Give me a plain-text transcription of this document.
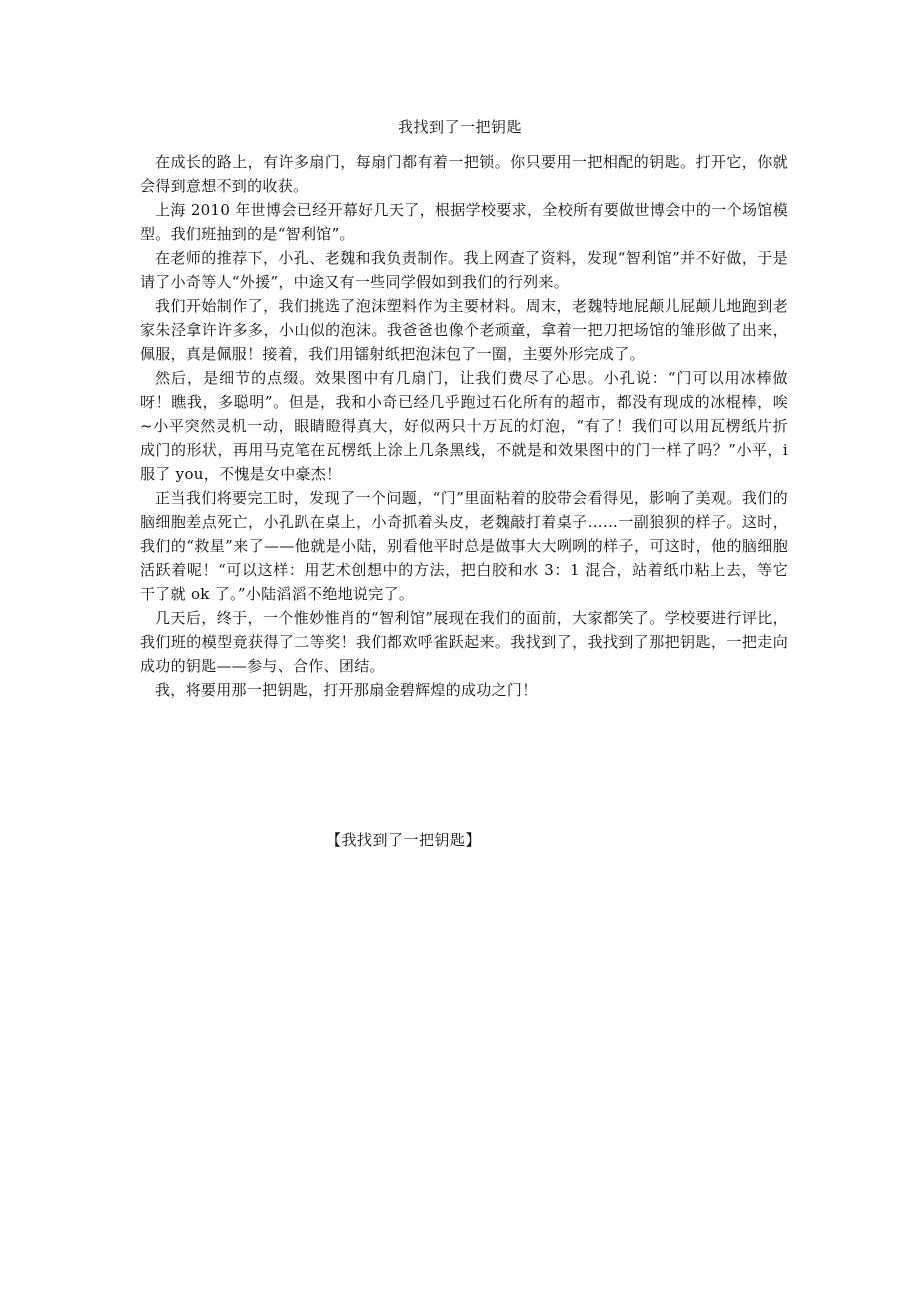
我找到了一把钥匙

在成长的路上，有许多扇门，每扇门都有着一把锁。你只要用一把相配的钥匙。打开它，你就会得到意想不到的收获。

上海 2010 年世博会已经开幕好几天了，根据学校要求，全校所有要做世博会中的一个场馆模型。我们班抽到的是“智利馆”。

在老师的推荐下，小孔、老魏和我负责制作。我上网查了资料，发现“智利馆”并不好做，于是请了小奇等人“外援”，中途又有一些同学假如到我们的行列来。

我们开始制作了，我们挑选了泡沫塑料作为主要材料。周末，老魏特地屁颠儿屁颠儿地跑到老家朱泾拿许许多多，小山似的泡沫。我爸爸也像个老顽童，拿着一把刀把场馆的雏形做了出来，佩服，真是佩服！接着，我们用镭射纸把泡沫包了一圈，主要外形完成了。

然后，是细节的点缀。效果图中有几扇门，让我们费尽了心思。小孔说：“门可以用冰棒做呀！瞧我，多聪明”。但是，我和小奇已经几乎跑过石化所有的超市，都没有现成的冰棍棒，唉~小平突然灵机一动，眼睛瞪得真大，好似两只十万瓦的灯泡，“有了！我们可以用瓦楞纸片折成门的形状，再用马克笔在瓦楞纸上涂上几条黑线，不就是和效果图中的门一样了吗？”小平，i 服了 you，不愧是女中豪杰！

正当我们将要完工时，发现了一个问题，“门”里面粘着的胶带会看得见，影响了美观。我们的脑细胞差点死亡，小孔趴在桌上，小奇抓着头皮，老魏敲打着桌子……一副狼狈的样子。这时，我们的“救星”来了——他就是小陆，别看他平时总是做事大大咧咧的样子，可这时，他的脑细胞活跃着呢！“可以这样：用艺术创想中的方法，把白胶和水 3：1 混合，站着纸巾粘上去，等它干了就 ok 了。”小陆滔滔不绝地说完了。

几天后，终于，一个惟妙惟肖的“智利馆”展现在我们的面前，大家都笑了。学校要进行评比，我们班的模型竟获得了二等奖！我们都欢呼雀跃起来。我找到了，我找到了那把钥匙，一把走向成功的钥匙——参与、合作、团结。

我，将要用那一把钥匙，打开那扇金碧辉煌的成功之门！

【我找到了一把钥匙】
